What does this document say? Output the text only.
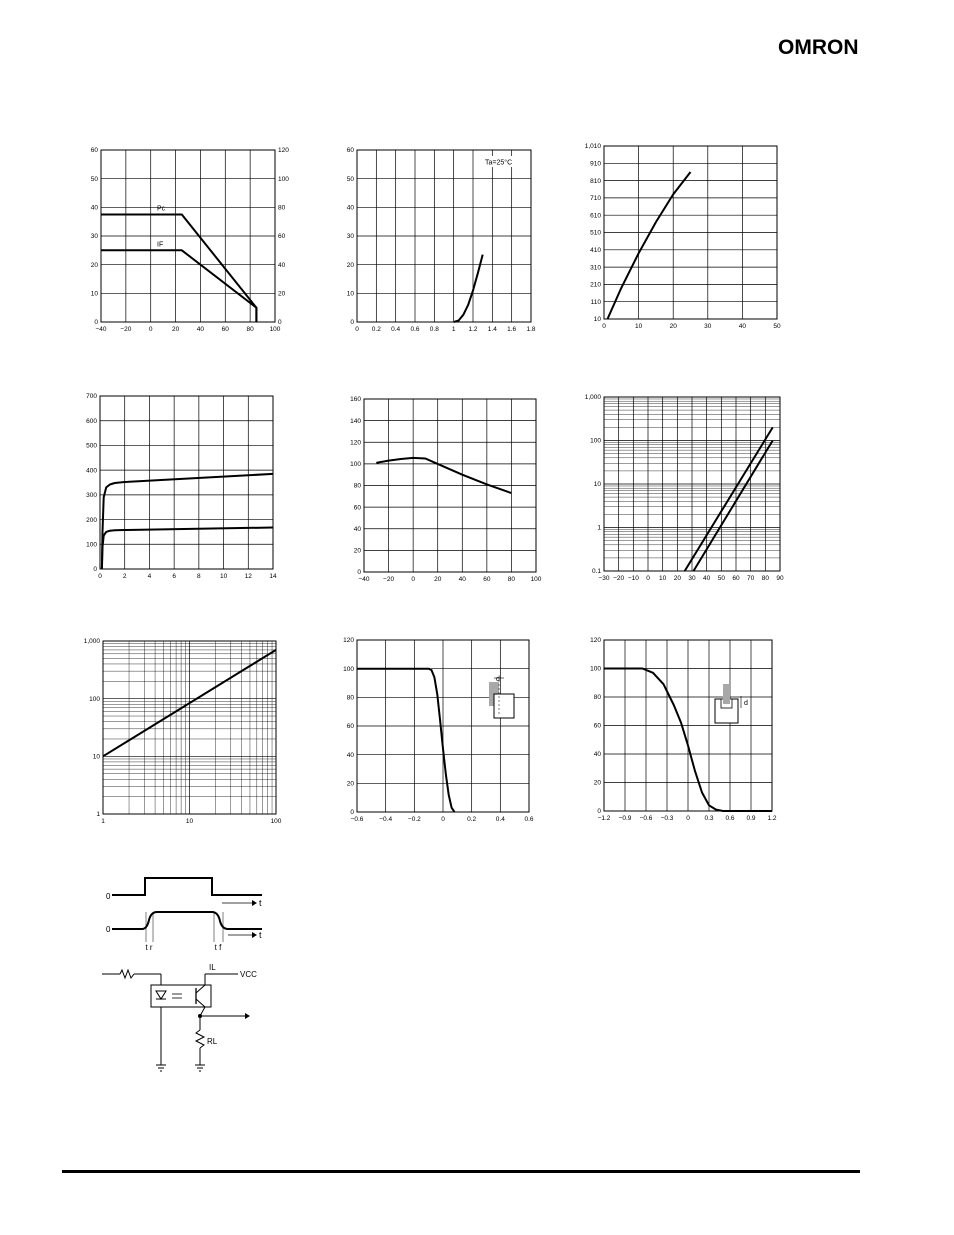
OMRON
−40 −20	0	20	40	60	80 100
0
10
20
30
40
50
60
0
20
40
60
80
100
120
Pc
IF
0 0.2 0.4 0.6 0.8 1 1.2 1.4 1.6 1.8
0
10
20
30
40
50
60
Ta=25°C
0	10	20	30	40	50
10
110
210
310
410
510
610
710
810
910
1,010
0	2	4	6	8	10	12	14
0
100
200
300
400
500
600
700
−40 −20	0	20	40	60	80 100
0
20
40
60
80
100
120
140
160
−30 −20 −10 0 10 20 30 40 50 60 70 80 90
0.1
1
10
100
1,000
1	10	100
1
10
100
1,000
−0.6 −0.4 −0.2	0	0.2	0.4	0.6
0
20
40
60
80
100
120
d
−1.2 −0.9 −0.6 −0.3 0 0.3 0.6 0.9 1.2
0
20
40
60
80
100
120
d
0
t
0
t
t r	t f
VCC
IL
RL
